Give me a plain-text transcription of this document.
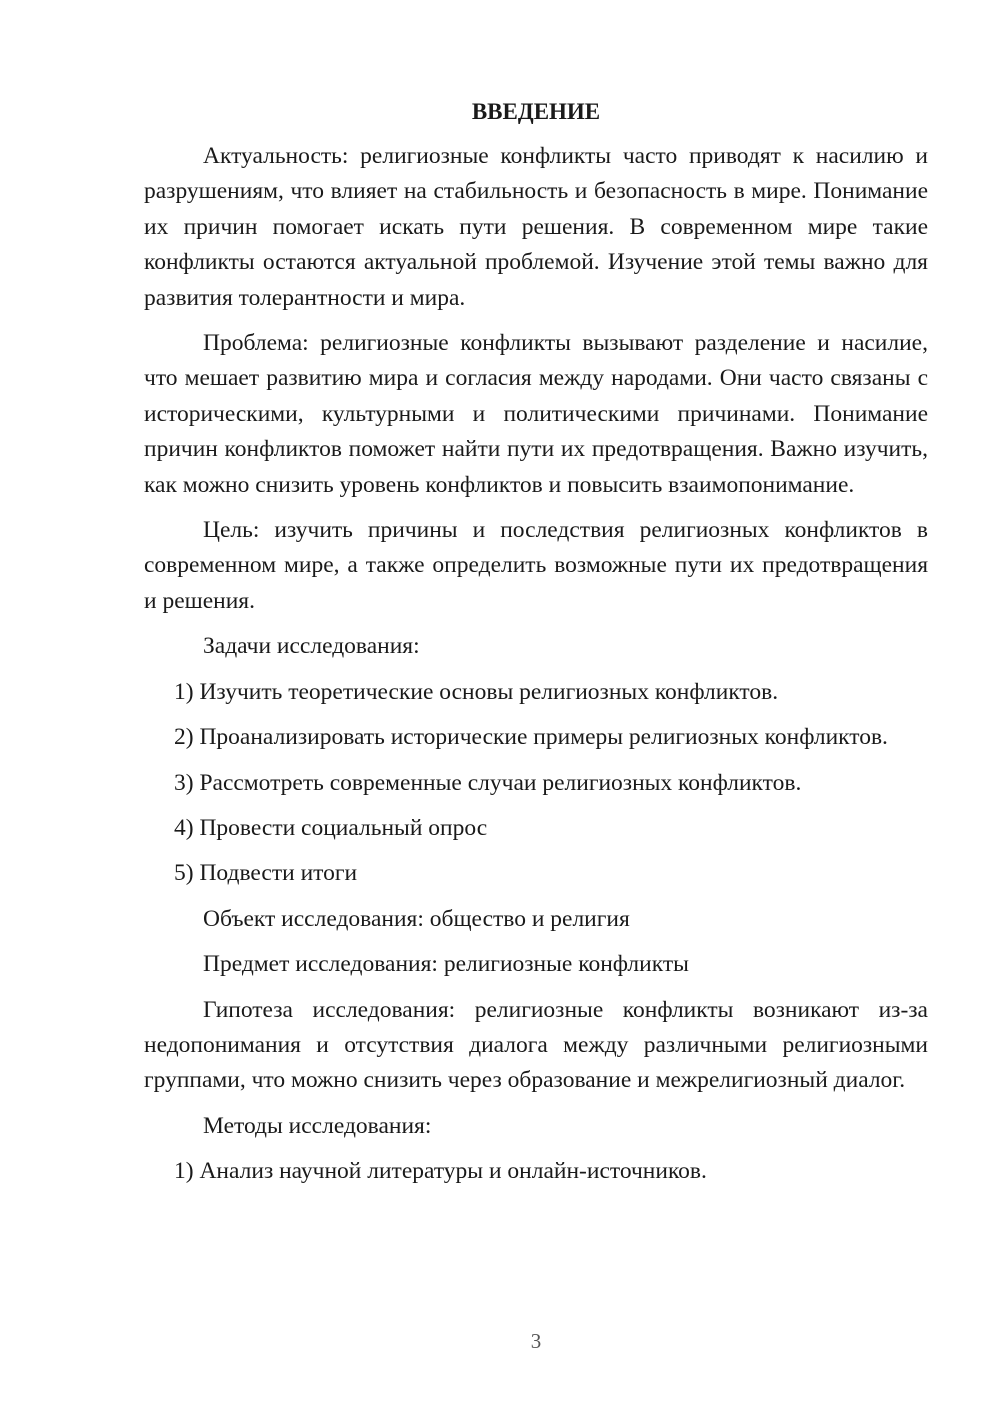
ВВЕДЕНИЕ

Актуальность: религиозные конфликты часто приводят к насилию и разрушениям, что влияет на стабильность и безопасность в мире. Понимание их причин помогает искать пути решения. В современном мире такие конфликты остаются актуальной проблемой. Изучение этой темы важно для развития толерантности и мира.

Проблема: религиозные конфликты вызывают разделение и насилие, что мешает развитию мира и согласия между народами. Они часто связаны с историческими, культурными и политическими причинами. Понимание причин конфликтов поможет найти пути их предотвращения. Важно изучить, как можно снизить уровень конфликтов и повысить взаимопонимание.

Цель: изучить причины и последствия религиозных конфликтов в современном мире, а также определить возможные пути их предотвращения и решения.

Задачи исследования:

1) Изучить теоретические основы религиозных конфликтов.

2) Проанализировать исторические примеры религиозных конфликтов.

3) Рассмотреть современные случаи религиозных конфликтов.

4) Провести социальный опрос

5) Подвести итоги

Объект исследования: общество и религия

Предмет исследования: религиозные конфликты

Гипотеза исследования: религиозные конфликты возникают из-за недопонимания и отсутствия диалога между различными религиозными группами, что можно снизить через образование и межрелигиозный диалог.

Методы исследования:

1) Анализ научной литературы и онлайн-источников.

3
